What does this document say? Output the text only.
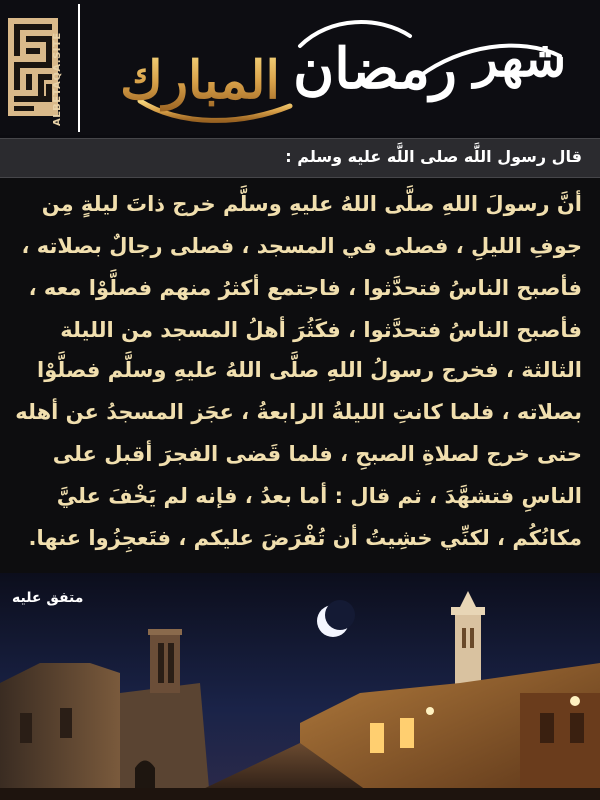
ALBETAQA.SITE المبارك رمضان شهر
قال رسول اللَّه صلى اللَّه عليه وسلم :
أنَّ رسولَ اللهِ صلَّى اللهُ عليهِ وسلَّم خرج ذاتَ ليلةٍ مِن
جوفِ الليلِ ، فصلى في المسجد ، فصلى رجالٌ بصلاته ،
فأصبح الناسُ فتحدَّثوا ، فاجتمع أكثرُ منهم فصلَّوْا معه ،
فأصبح الناسُ فتحدَّثوا ، فكَثُرَ أهلُ المسجد من الليلة
الثالثة ، فخرج رسولُ اللهِ صلَّى اللهُ عليهِ وسلَّم فصلَّوْا
بصلاته ، فلما كانتِ الليلةُ الرابعةُ ، عجَز المسجدُ عن أهله
حتى خرج لصلاةِ الصبحِ ، فلما قَضى الفجرَ أقبل على
الناسِ فتشهَّدَ ، ثم قال : أما بعدُ ، فإنه لم يَخْفَ عليَّ
مكانُكُم ، لكنِّي خشِيتُ أن تُفْرَضَ عليكم ، فتَعجِزُوا عنها.
متفق عليه
